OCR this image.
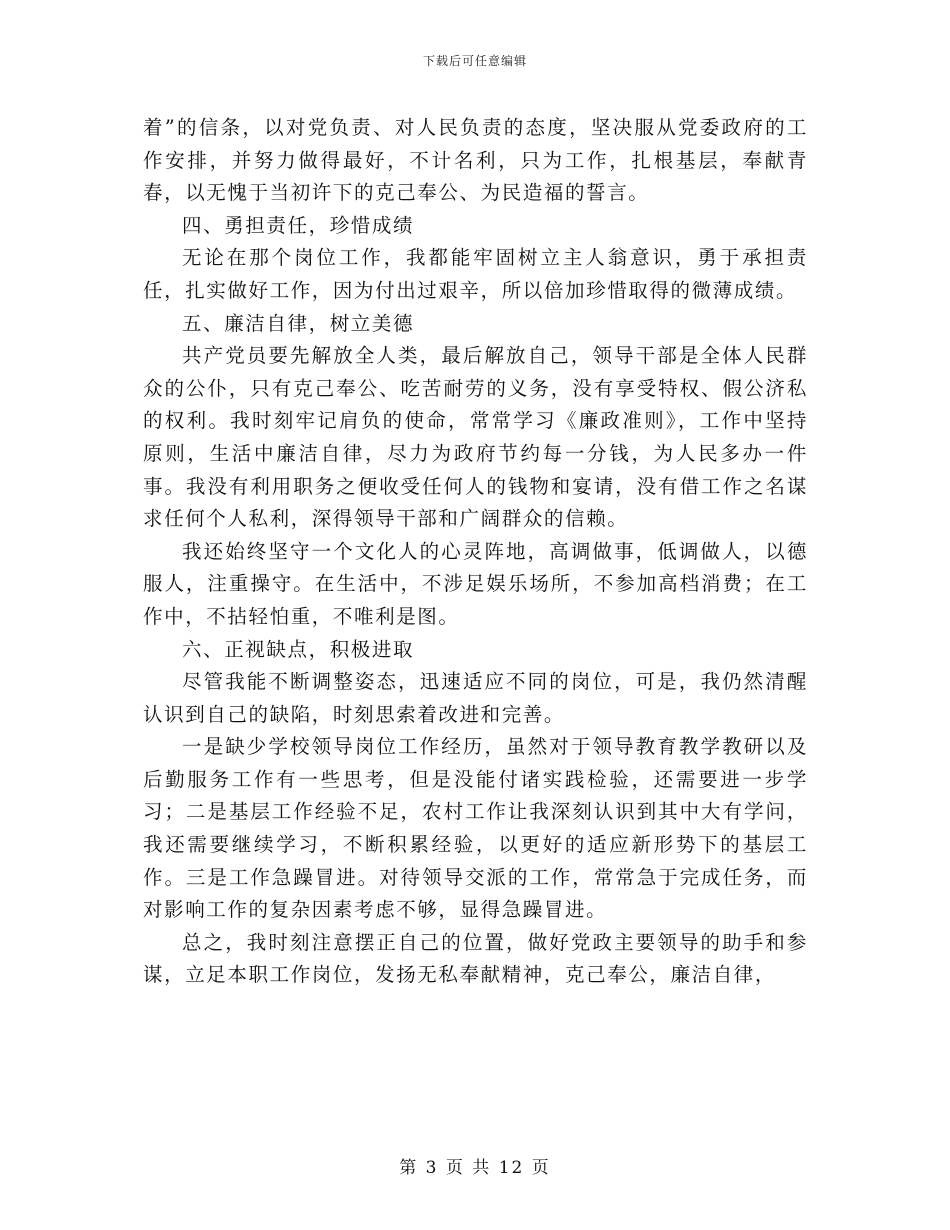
下载后可任意编辑

着”的信条，以对党负责、对人民负责的态度，坚决服从党委政府的工作安排，并努力做得最好，不计名利，只为工作，扎根基层，奉献青春，以无愧于当初许下的克己奉公、为民造福的誓言。

四、勇担责任，珍惜成绩

无论在那个岗位工作，我都能牢固树立主人翁意识，勇于承担责任，扎实做好工作，因为付出过艰辛，所以倍加珍惜取得的微薄成绩。

五、廉洁自律，树立美德

共产党员要先解放全人类，最后解放自己，领导干部是全体人民群众的公仆，只有克己奉公、吃苦耐劳的义务，没有享受特权、假公济私的权利。我时刻牢记肩负的使命，常常学习《廉政准则》，工作中坚持原则，生活中廉洁自律，尽力为政府节约每一分钱，为人民多办一件事。我没有利用职务之便收受任何人的钱物和宴请，没有借工作之名谋求任何个人私利，深得领导干部和广阔群众的信赖。

我还始终坚守一个文化人的心灵阵地，高调做事，低调做人，以德服人，注重操守。在生活中，不涉足娱乐场所，不参加高档消费；在工作中，不拈轻怕重，不唯利是图。

六、正视缺点，积极进取

尽管我能不断调整姿态，迅速适应不同的岗位，可是，我仍然清醒认识到自己的缺陷，时刻思索着改进和完善。

一是缺少学校领导岗位工作经历，虽然对于领导教育教学教研以及后勤服务工作有一些思考，但是没能付诸实践检验，还需要进一步学习；二是基层工作经验不足，农村工作让我深刻认识到其中大有学问，我还需要继续学习，不断积累经验，以更好的适应新形势下的基层工作。三是工作急躁冒进。对待领导交派的工作，常常急于完成任务，而对影响工作的复杂因素考虑不够，显得急躁冒进。

总之，我时刻注意摆正自己的位置，做好党政主要领导的助手和参谋，立足本职工作岗位，发扬无私奉献精神，克己奉公，廉洁自律，

第 3 页 共 12 页
